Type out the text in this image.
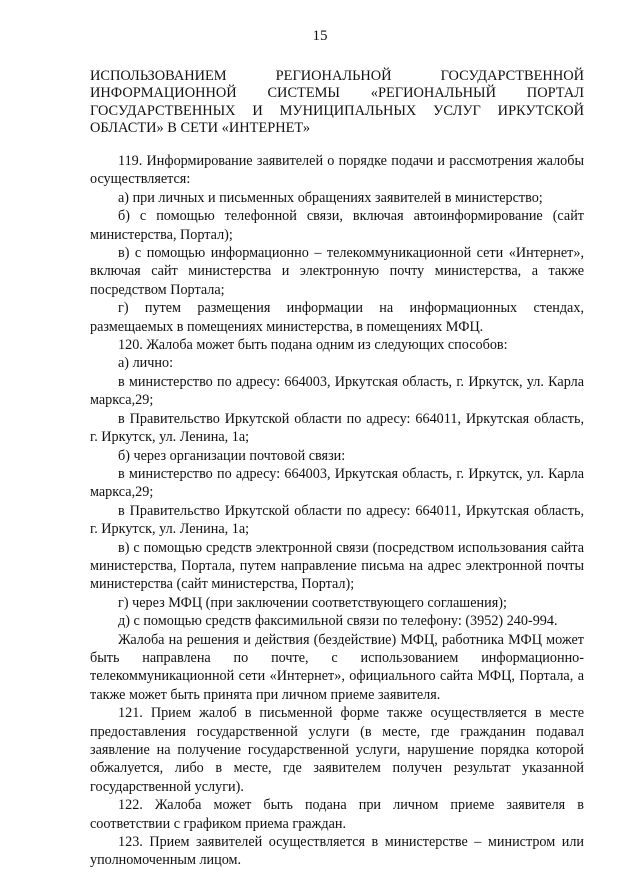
15
ИСПОЛЬЗОВАНИЕМ РЕГИОНАЛЬНОЙ ГОСУДАРСТВЕННОЙ ИНФОРМАЦИОННОЙ СИСТЕМЫ «РЕГИОНАЛЬНЫЙ ПОРТАЛ ГОСУДАРСТВЕННЫХ И МУНИЦИПАЛЬНЫХ УСЛУГ ИРКУТСКОЙ ОБЛАСТИ» В СЕТИ «ИНТЕРНЕТ»

119. Информирование заявителей о порядке подачи и рассмотрения жалобы осуществляется:

а) при личных и письменных обращениях заявителей в министерство;

б) с помощью телефонной связи, включая автоинформирование (сайт министерства, Портал);

в) с помощью информационно – телекоммуникационной сети «Интернет», включая сайт министерства и электронную почту министерства, а также посредством Портала;

г) путем размещения информации на информационных стендах, размещаемых в помещениях министерства, в помещениях МФЦ.

120. Жалоба может быть подана одним из следующих способов:

а) лично:

в министерство по адресу: 664003, Иркутская область, г. Иркутск, ул. Карла маркса,29;

в Правительство Иркутской области по адресу: 664011, Иркутская область, г. Иркутск, ул. Ленина, 1а;

б) через организации почтовой связи:

в министерство по адресу: 664003, Иркутская область, г. Иркутск, ул. Карла маркса,29;

в Правительство Иркутской области по адресу: 664011, Иркутская область, г. Иркутск, ул. Ленина, 1а;

в) с помощью средств электронной связи (посредством использования сайта министерства, Портала, путем направление письма на адрес электронной почты министерства (сайт министерства, Портал);

г) через МФЦ (при заключении соответствующего соглашения);

д) с помощью средств факсимильной связи по телефону: (3952) 240-994.

Жалоба на решения и действия (бездействие) МФЦ, работника МФЦ может быть направлена по почте, с использованием информационно-телекоммуникационной сети «Интернет», официального сайта МФЦ, Портала, а также может быть принята при личном приеме заявителя.

121. Прием жалоб в письменной форме также осуществляется в месте предоставления государственной услуги (в месте, где гражданин подавал заявление на получение государственной услуги, нарушение порядка которой обжалуется, либо в месте, где заявителем получен результат указанной государственной услуги).

122. Жалоба может быть подана при личном приеме заявителя в соответствии с графиком приема граждан.

123. Прием заявителей осуществляется в министерстве – министром или уполномоченным лицом.
